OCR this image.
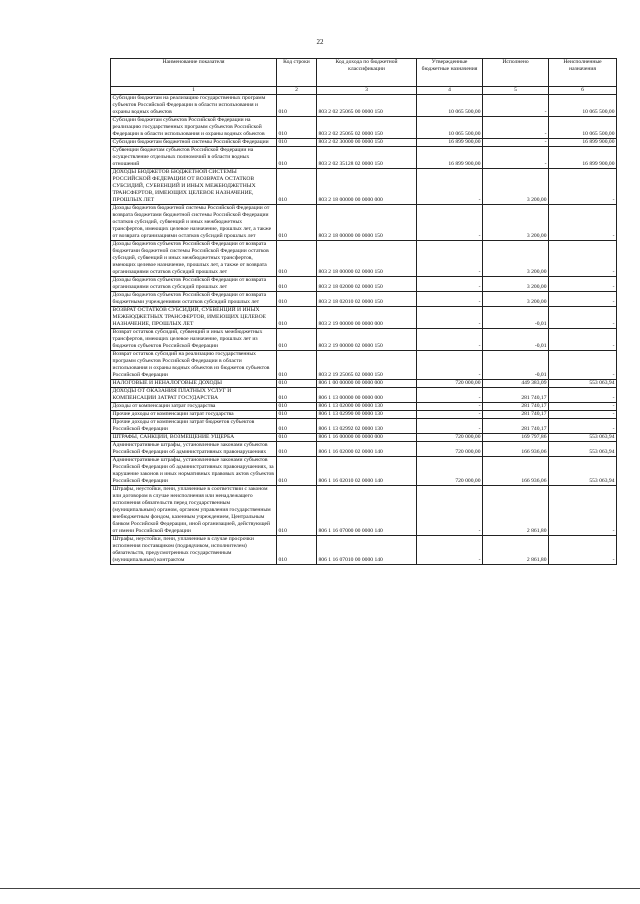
22
Наименование показателя	Код строки	Код дохода по бюджетной классификации	Утвержденные бюджетные назначения	Исполнено	Неисполненные назначения
1	2	3	4	5	6
Субсидии бюджетам на реализацию государственных программ субъектов Российской Федерации в области использования и охраны водных объектов	010	803 2 02 25065 00 0000 150	10 065 500,00	-	10 065 500,00
Субсидии бюджетам субъектов Российской Федерации на реализацию государственных программ субъектов Российской Федерации в области использования и охраны водных объектов	010	803 2 02 25065 02 0000 150	10 065 500,00	-	10 065 500,00
Субсидии бюджетам бюджетной системы Российской Федерации	010	803 2 02 30000 00 0000 150	16 899 900,00	-	16 899 900,00
Субвенции бюджетам субъектов Российской Федерации на осуществление отдельных полномочий в области водных отношений	010	803 2 02 35128 02 0000 150	16 899 900,00	-	16 899 900,00
ДОХОДЫ БЮДЖЕТОВ БЮДЖЕТНОЙ СИСТЕМЫ РОССИЙСКОЙ ФЕДЕРАЦИИ ОТ ВОЗВРАТА ОСТАТКОВ СУБСИДИЙ, СУБВЕНЦИЙ И ИНЫХ МЕЖБЮДЖЕТНЫХ ТРАНСФЕРТОВ, ИМЕЮЩИХ ЦЕЛЕВОЕ НАЗНАЧЕНИЕ, ПРОШЛЫХ ЛЕТ	010	803 2 18 00000 00 0000 000	-	3 200,00	-
Доходы бюджетов бюджетной системы Российской Федерации от возврата бюджетами бюджетной системы Российской Федерации остатков субсидий, субвенций и иных межбюджетных трансфертов, имеющих целевое назначение, прошлых лет, а также от возврата организациями остатков субсидий прошлых лет	010	803 2 18 00000 00 0000 150	-	3 200,00	-
Доходы бюджетов субъектов Российской Федерации от возврата бюджетами бюджетной системы Российской Федерации остатков субсидий, субвенций и иных межбюджетных трансфертов, имеющих целевое назначение, прошлых лет, а также от возврата организациями остатков субсидий прошлых лет	010	803 2 18 00000 02 0000 150	-	3 200,00	-
Доходы бюджетов субъектов Российской Федерации от возврата организациями остатков субсидий прошлых лет	010	803 2 18 02000 02 0000 150	-	3 200,00	-
Доходы бюджетов субъектов Российской Федерации от возврата бюджетными учреждениями остатков субсидий прошлых лет	010	803 2 18 02010 02 0000 150	-	3 200,00	-
ВОЗВРАТ ОСТАТКОВ СУБСИДИЙ, СУБВЕНЦИЙ И ИНЫХ МЕЖБЮДЖЕТНЫХ ТРАНСФЕРТОВ, ИМЕЮЩИХ ЦЕЛЕВОЕ НАЗНАЧЕНИЕ, ПРОШЛЫХ ЛЕТ	010	803 2 19 00000 00 0000 000	-	-0,01	-
Возврат остатков субсидий, субвенций и иных межбюджетных трансфертов, имеющих целевое назначение, прошлых лет из бюджетов субъектов Российской Федерации	010	803 2 19 00000 02 0000 150	-	-0,01	-
Возврат остатков субсидий на реализацию государственных программ субъектов Российской Федерации в области использования и охраны водных объектов из бюджетов субъектов Российской Федерации	010	803 2 19 25065 02 0000 150	-	-0,01	-
НАЛОГОВЫЕ И НЕНАЛОГОВЫЕ ДОХОДЫ	010	806 1 00 00000 00 0000 000	720 000,00	449 383,09	553 063,94
ДОХОДЫ ОТ ОКАЗАНИЯ ПЛАТНЫХ УСЛУГ И КОМПЕНСАЦИИ ЗАТРАТ ГОСУДАРСТВА	010	806 1 13 00000 00 0000 000	-	281 740,17	-
Доходы от компенсации затрат государства	010	806 1 13 02000 00 0000 130	-	281 740,17	-
Прочие доходы от компенсации затрат государства	010	806 1 13 02990 00 0000 130	-	281 740,17	-
Прочие доходы от компенсации затрат бюджетов субъектов Российской Федерации	010	806 1 13 02992 02 0000 130	-	281 740,17	-
ШТРАФЫ, САНКЦИИ, ВОЗМЕЩЕНИЕ УЩЕРБА	010	806 1 16 00000 00 0000 000	720 000,00	169 797,86	553 063,94
Административные штрафы, установленные законами субъектов Российской Федерации об административных правонарушениях	010	806 1 16 02000 02 0000 140	720 000,00	166 936,06	553 063,94
Административные штрафы, установленные законами субъектов Российской Федерации об административных правонарушениях, за нарушение законов и иных нормативных правовых актов субъектов Российской Федерации	010	806 1 16 02010 02 0000 140	720 000,00	166 936,06	553 063,94
Штрафы, неустойки, пени, уплаченные в соответствии с законом или договором в случае неисполнения или ненадлежащего исполнения обязательств перед государственным (муниципальным) органом, органом управления государственным внебюджетным фондом, казенным учреждением, Центральным банком Российской Федерации, иной организацией, действующей от имени Российской Федерации	010	806 1 16 07000 00 0000 140	-	2 861,80	-
Штрафы, неустойки, пени, уплаченные в случае просрочки исполнения поставщиком (подрядчиком, исполнителем) обязательств, предусмотренных государственным (муниципальным) контрактом	010	806 1 16 07010 00 0000 140	-	2 861,80	-
